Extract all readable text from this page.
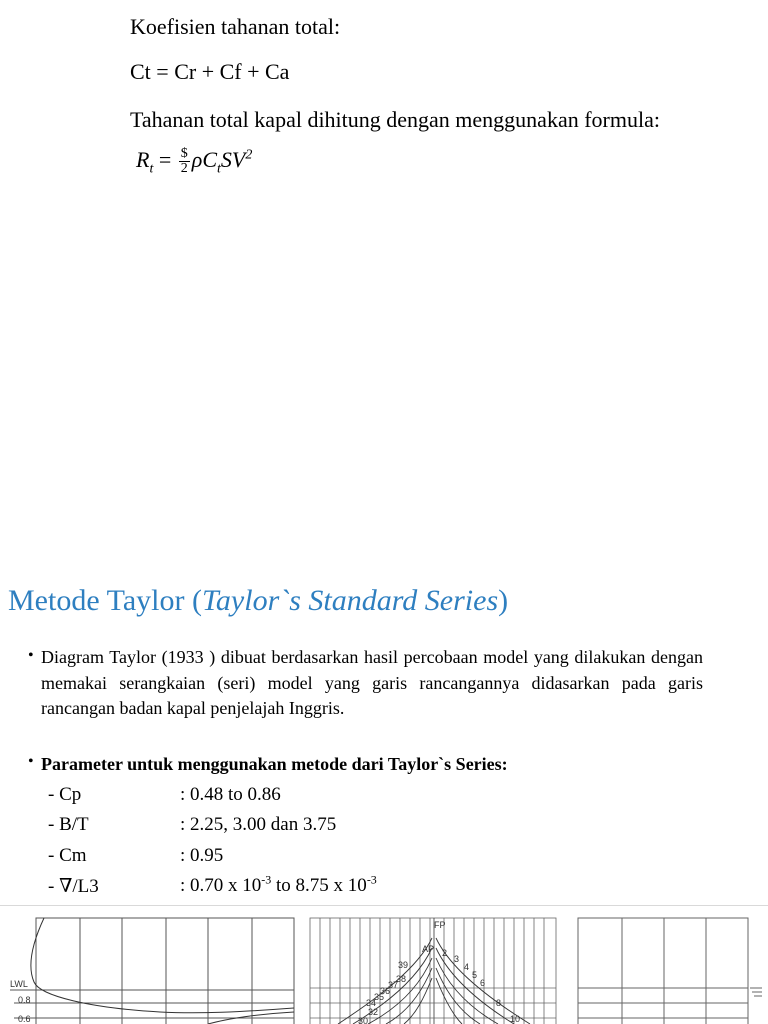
Koefisien tahanan total:
Ct = Cr + Cf + Ca
Tahanan total kapal dihitung dengan menggunakan formula:
$R_t = \frac{\$}{2} \rho C_tSV^2$
Metode Taylor (Taylor`s Standard Series)
• Diagram Taylor (1933 ) dibuat berdasarkan hasil percobaan model yang dilakukan dengan memakai serangkaian (seri) model yang garis rancangannya didasarkan pada garis rancangan badan kapal penjelajah Inggris.
• Parameter untuk menggunakan metode dari Taylor`s Series:
- Cp	: 0.48 to 0.86
- B/T	: 2.25, 3.00 dan 3.75
- Cm	: 0.95
- ∇/L3	: 0.70 x $10^{-3}$ to 8.75 x $10^{-3}$
LWL
0.8
0.6
FP
AP
39
2
3
4
5
6
38
37
36
35
34
32
30
8
10
